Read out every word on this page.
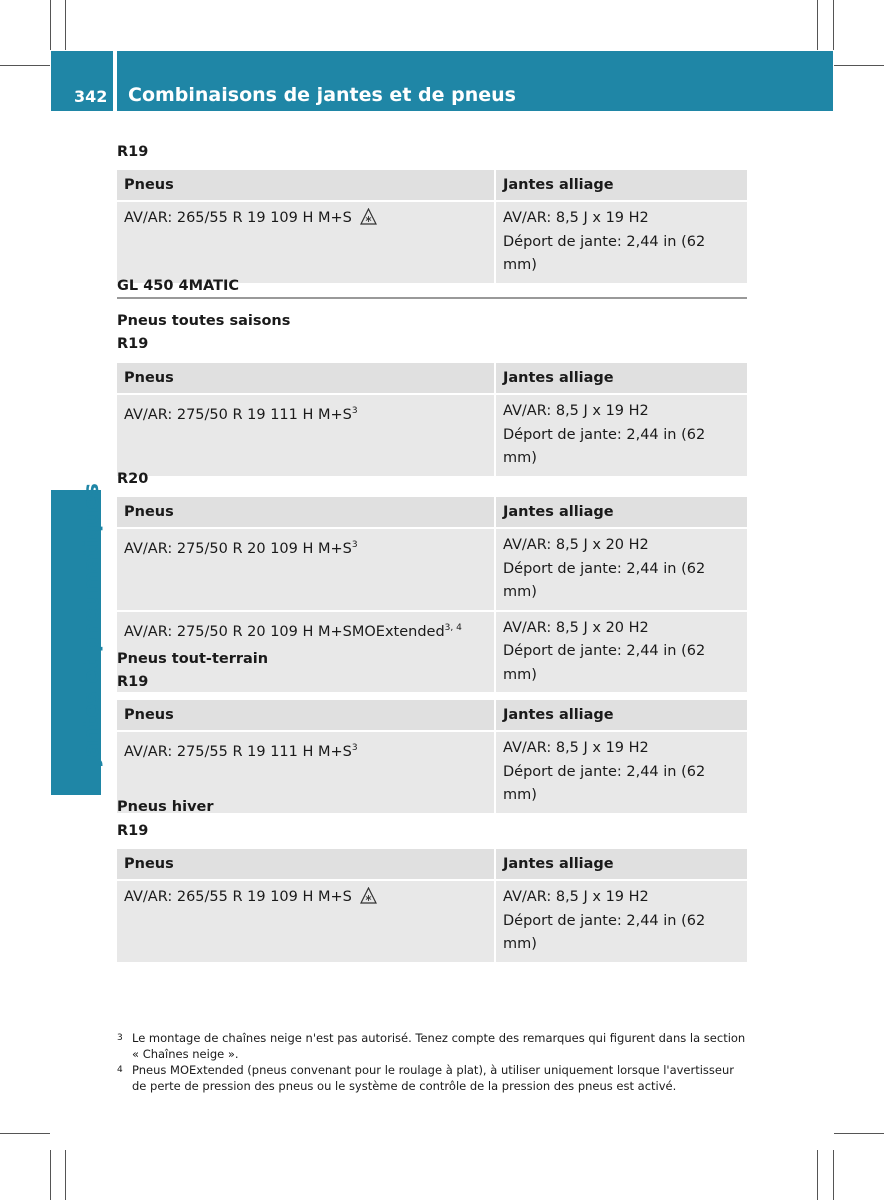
342 Combinaisons de jantes et de pneus
Jantes et pneumatiques
R19
Pneus	Jantes alliage
AV/AR: 265/55 R 19 109 H M+S	AV/AR: 8,5 J x 19 H2
Déport de jante: 2,44 in (62 mm)
GL 450 4MATIC
Pneus toutes saisons
R19
Pneus	Jantes alliage
AV/AR: 275/50 R 19 111 H $M+S^3$	AV/AR: 8,5 J x 19 H2
Déport de jante: 2,44 in (62 mm)
R20
Pneus	Jantes alliage
AV/AR: 275/50 R 20 109 H $M+S^3$	AV/AR: 8,5 J x 20 H2
Déport de jante: 2,44 in (62 mm)

AV/AR: 275/50 R 20 109 H M+SMOExtended$^{3, 4}$	AV/AR: 8,5 J x 20 H2
Déport de jante: 2,44 in (62 mm)
Pneus tout-terrain
R19
Pneus	Jantes alliage
AV/AR: 275/55 R 19 111 H $M+S^3$	AV/AR: 8,5 J x 19 H2
Déport de jante: 2,44 in (62 mm)
Pneus hiver
R19
Pneus	Jantes alliage
AV/AR: 265/55 R 19 109 H M+S	AV/AR: 8,5 J x 19 H2
Déport de jante: 2,44 in (62 mm)
3 Le montage de chaînes neige n'est pas autorisé. Tenez compte des remarques qui figurent dans la section « Chaînes neige ».
4 Pneus MOExtended (pneus convenant pour le roulage à plat), à utiliser uniquement lorsque l'avertisseur de perte de pression des pneus ou le système de contrôle de la pression des pneus est activé.
